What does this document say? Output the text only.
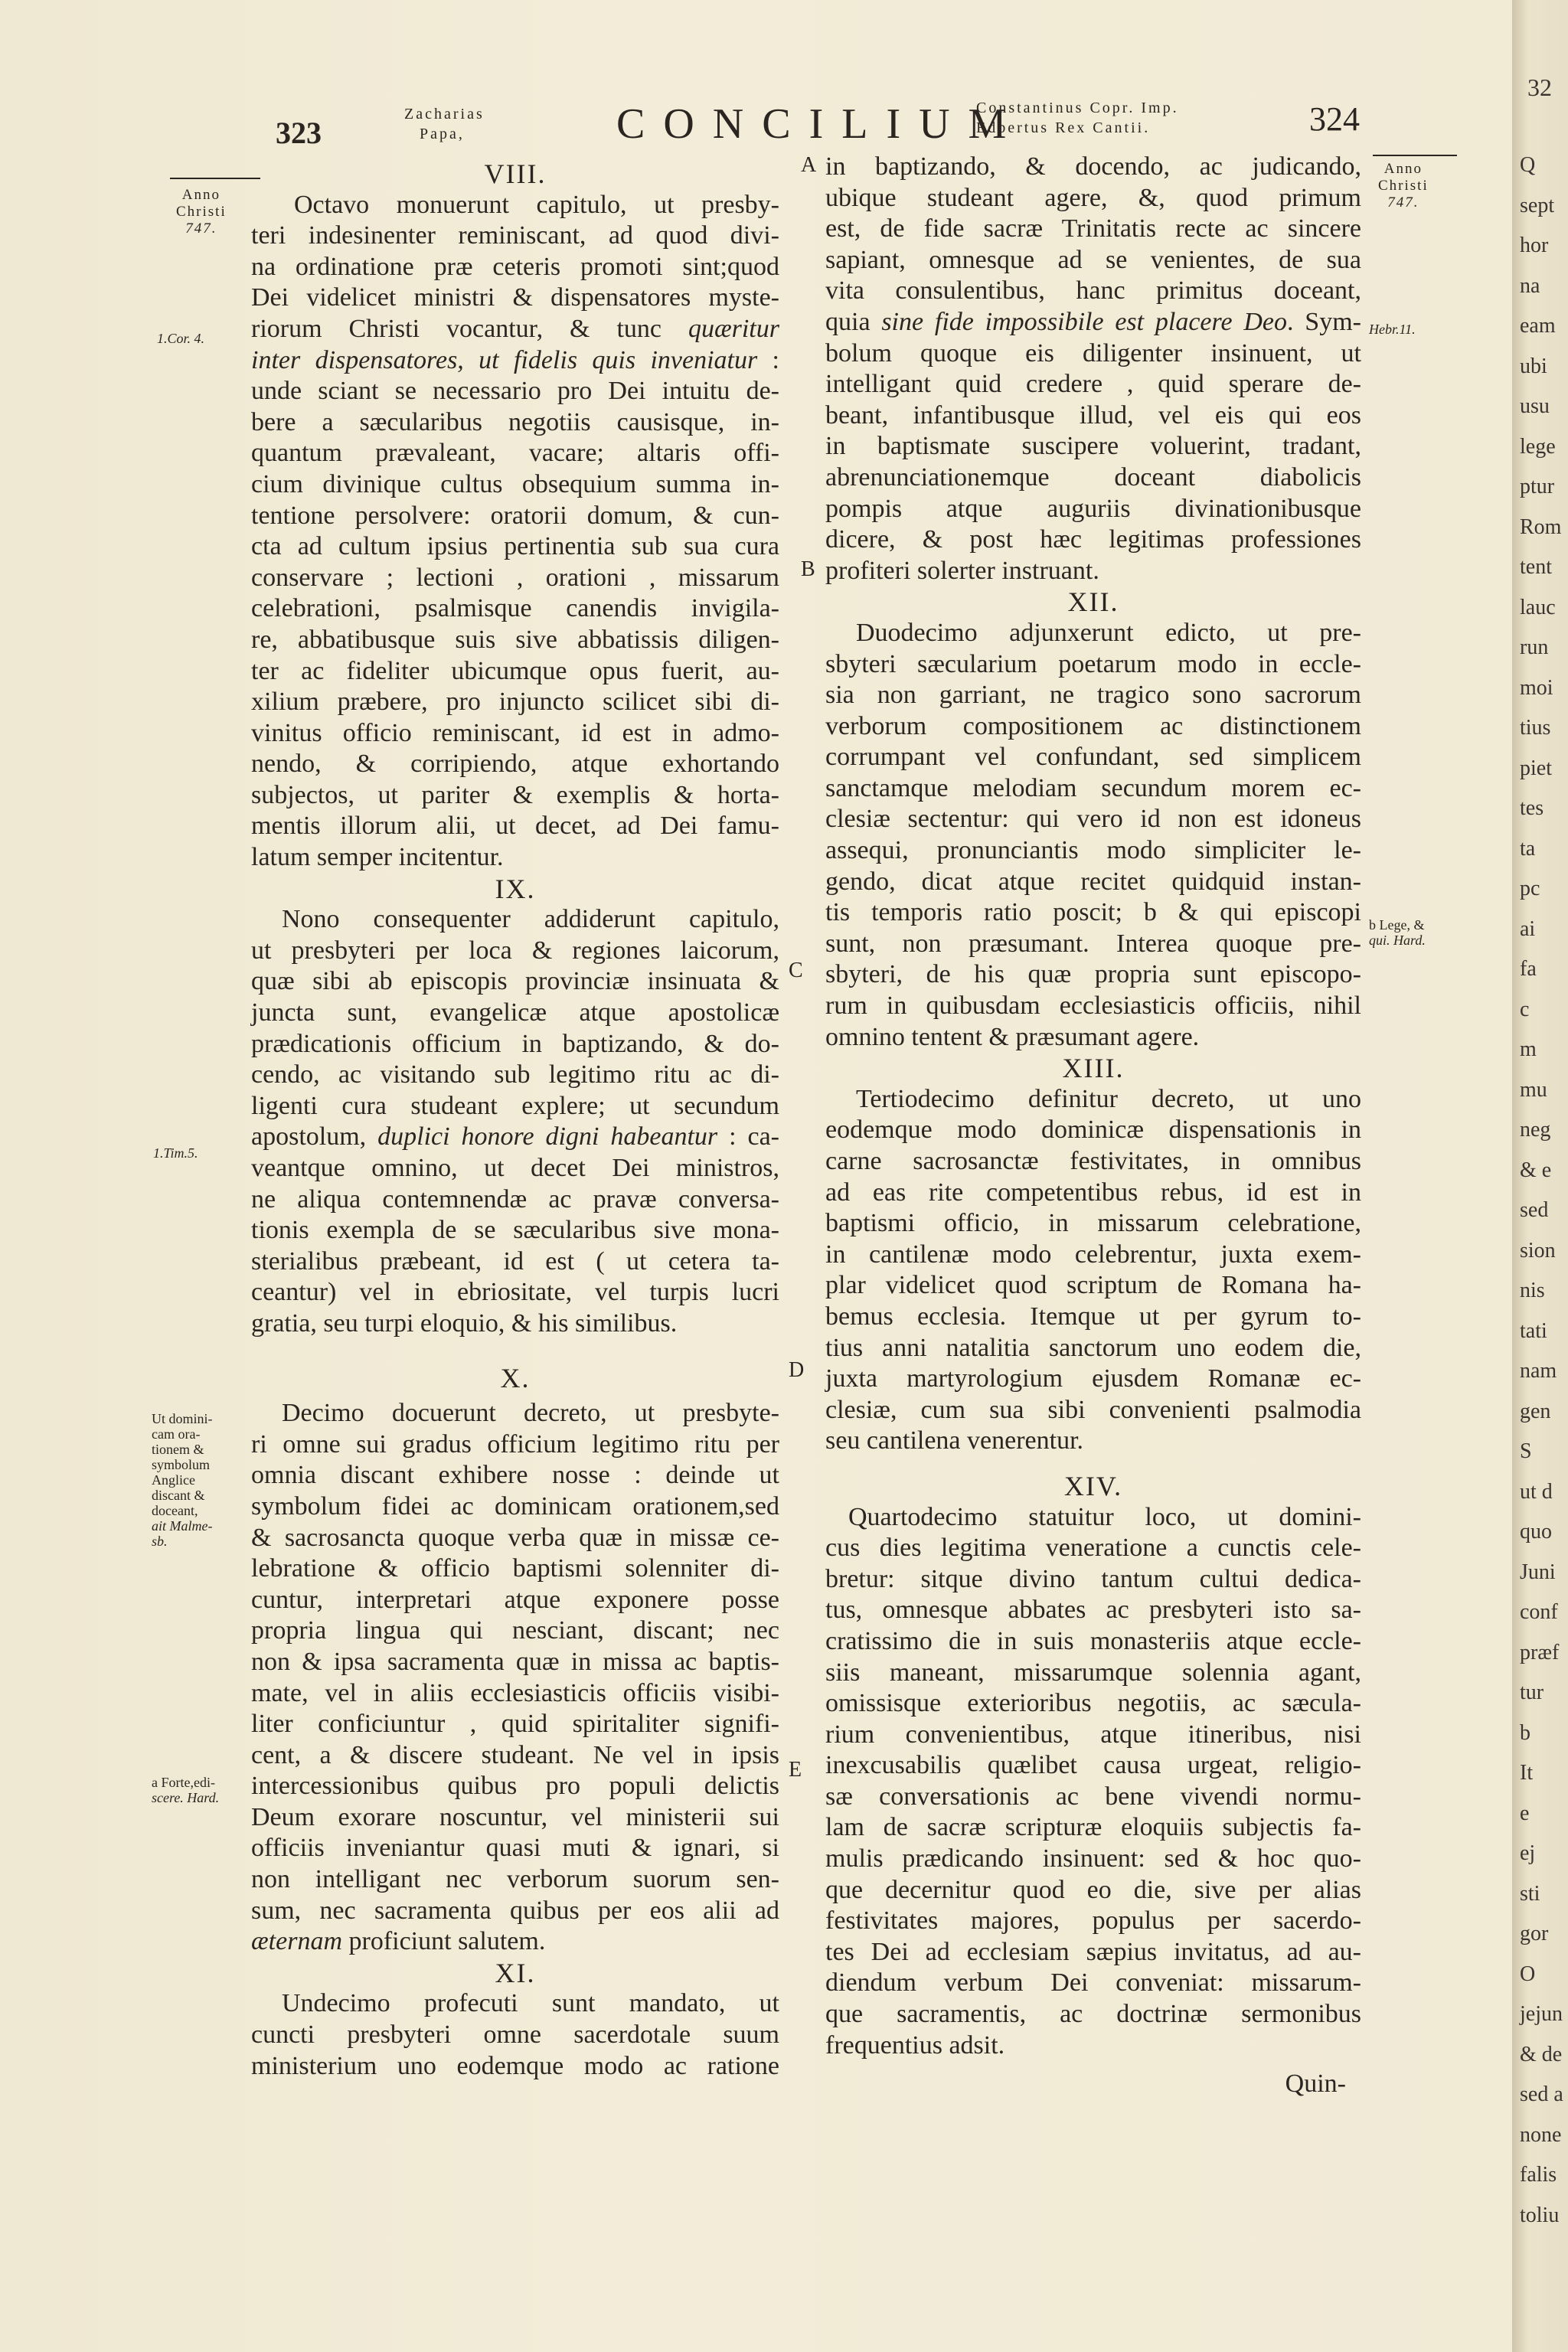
323
Zacharias
Papa,	CONCILIUM
Constantinus Copr. Imp.
Edbertus Rex Cantii.	324
Anno
Christi
747.
Anno
Christi
747.
1.Cor. 4.
1.Tim.5.
Ut domini-
cam ora-
tionem &
symbolum
Anglice
discant &
doceant,
ait Malme-
sb.
a Forte,edi-
scere. Hard.
Hebr.11.
b Lege, &
qui. Hard.
A
B
C
D
E
VIII.
Octavo monuerunt capitulo, ut presby-
teri indesinenter reminiscant, ad quod divi-
na ordinatione præ ceteris promoti sint;quod
Dei videlicet ministri & dispensatores myste-
riorum Christi vocantur, & tunc quæritur
inter dispensatores, ut fidelis quis inveniatur :
unde sciant se necessario pro Dei intuitu de-
bere a sæcularibus negotiis causisque, in-
quantum prævaleant, vacare; altaris offi-
cium divinique cultus obsequium summa in-
tentione persolvere: oratorii domum, & cun-
cta ad cultum ipsius pertinentia sub sua cura
conservare ; lectioni , orationi , missarum
celebrationi, psalmisque canendis invigila-
re, abbatibusque suis sive abbatissis diligen-
ter ac fideliter ubicumque opus fuerit, au-
xilium præbere, pro injuncto scilicet sibi di-
vinitus officio reminiscant, id est in admo-
nendo, & corripiendo, atque exhortando
subjectos, ut pariter & exemplis & horta-
mentis illorum alii, ut decet, ad Dei famu-
latum semper incitentur.
IX.
Nono consequenter addiderunt capitulo,
ut presbyteri per loca & regiones laicorum,
quæ sibi ab episcopis provinciæ insinuata &
juncta sunt, evangelicæ atque apostolicæ
prædicationis officium in baptizando, & do-
cendo, ac visitando sub legitimo ritu ac di-
ligenti cura studeant explere; ut secundum
apostolum, duplici honore digni habeantur : ca-
veantque omnino, ut decet Dei ministros,
ne aliqua contemnendæ ac pravæ conversa-
tionis exempla de se sæcularibus sive mona-
sterialibus præbeant, id est ( ut cetera ta-
ceantur) vel in ebriositate, vel turpis lucri
gratia, seu turpi eloquio, & his similibus.
X.
Decimo docuerunt decreto, ut presbyte-
ri omne sui gradus officium legitimo ritu per
omnia discant exhibere nosse : deinde ut
symbolum fidei ac dominicam orationem,sed
& sacrosancta quoque verba quæ in missæ ce-
lebratione & officio baptismi solenniter di-
cuntur, interpretari atque exponere posse
propria lingua qui nesciant, discant; nec
non & ipsa sacramenta quæ in missa ac baptis-
mate, vel in aliis ecclesiasticis officiis visibi-
liter conficiuntur , quid spiritaliter signifi-
cent, a & discere studeant. Ne vel in ipsis
intercessionibus quibus pro populi delictis
Deum exorare noscuntur, vel ministerii sui
officiis inveniantur quasi muti & ignari, si
non intelligant nec verborum suorum sen-
sum, nec sacramenta quibus per eos alii ad
æternam proficiunt salutem.
XI.
Undecimo profecuti sunt mandato, ut
cuncti presbyteri omne sacerdotale suum
ministerium uno eodemque modo ac ratione
in baptizando, & docendo, ac judicando,
ubique studeant agere, &, quod primum
est, de fide sacræ Trinitatis recte ac sincere
sapiant, omnesque ad se venientes, de sua
vita consulentibus, hanc primitus doceant,
quia sine fide impossibile est placere Deo. Sym-
bolum quoque eis diligenter insinuent, ut
intelligant quid credere , quid sperare de-
beant, infantibusque illud, vel eis qui eos
in baptismate suscipere voluerint, tradant,
abrenunciationemque doceant diabolicis
pompis atque auguriis divinationibusque
dicere, & post hæc legitimas professiones
profiteri solerter instruant.
XII.
Duodecimo adjunxerunt edicto, ut pre-
sbyteri sæcularium poetarum modo in eccle-
sia non garriant, ne tragico sono sacrorum
verborum compositionem ac distinctionem
corrumpant vel confundant, sed simplicem
sanctamque melodiam secundum morem ec-
clesiæ sectentur: qui vero id non est idoneus
assequi, pronunciantis modo simpliciter le-
gendo, dicat atque recitet quidquid instan-
tis temporis ratio poscit; b & qui episcopi
sunt, non præsumant. Interea quoque pre-
sbyteri, de his quæ propria sunt episcopo-
rum in quibusdam ecclesiasticis officiis, nihil
omnino tentent & præsumant agere.
XIII.
Tertiodecimo definitur decreto, ut uno
eodemque modo dominicæ dispensationis in
carne sacrosanctæ festivitates, in omnibus
ad eas rite competentibus rebus, id est in
baptismi officio, in missarum celebratione,
in cantilenæ modo celebrentur, juxta exem-
plar videlicet quod scriptum de Romana ha-
bemus ecclesia. Itemque ut per gyrum to-
tius anni natalitia sanctorum uno eodem die,
juxta martyrologium ejusdem Romanæ ec-
clesiæ, cum sua sibi convenienti psalmodia
seu cantilena venerentur.
XIV.
Quartodecimo statuitur loco, ut domini-
cus dies legitima veneratione a cunctis cele-
bretur: sitque divino tantum cultui dedica-
tus, omnesque abbates ac presbyteri isto sa-
cratissimo die in suis monasteriis atque eccle-
siis maneant, missarumque solennia agant,
omissisque exterioribus negotiis, ac sæcula-
rium convenientibus, atque itineribus, nisi
inexcusabilis quælibet causa urgeat, religio-
sæ conversationis ac bene vivendi normu-
lam de sacræ scripturæ eloquiis subjectis fa-
mulis prædicando insinuent: sed & hoc quo-
que decernitur quod eo die, sive per alias
festivitates majores, populus per sacerdo-
tes Dei ad ecclesiam sæpius invitatus, ad au-
diendum verbum Dei conveniat: missarum-
que sacramentis, ac doctrinæ sermonibus
frequentius adsit.
Quin-
32
Q
sept
hor
na
eam
ubi
usu
lege
ptur
Rom
tent
lauc
run
moi
tius
piet
tes
ta
pc
ai
fa
c
m
mu
neg
& e
sed
sion
nis
tati
nam
gen
S
ut d
quo
Juni
conf
præf
tur
b
It
e
ej
sti
gor
O
jejun
& de
sed a
none
falis
toliu
